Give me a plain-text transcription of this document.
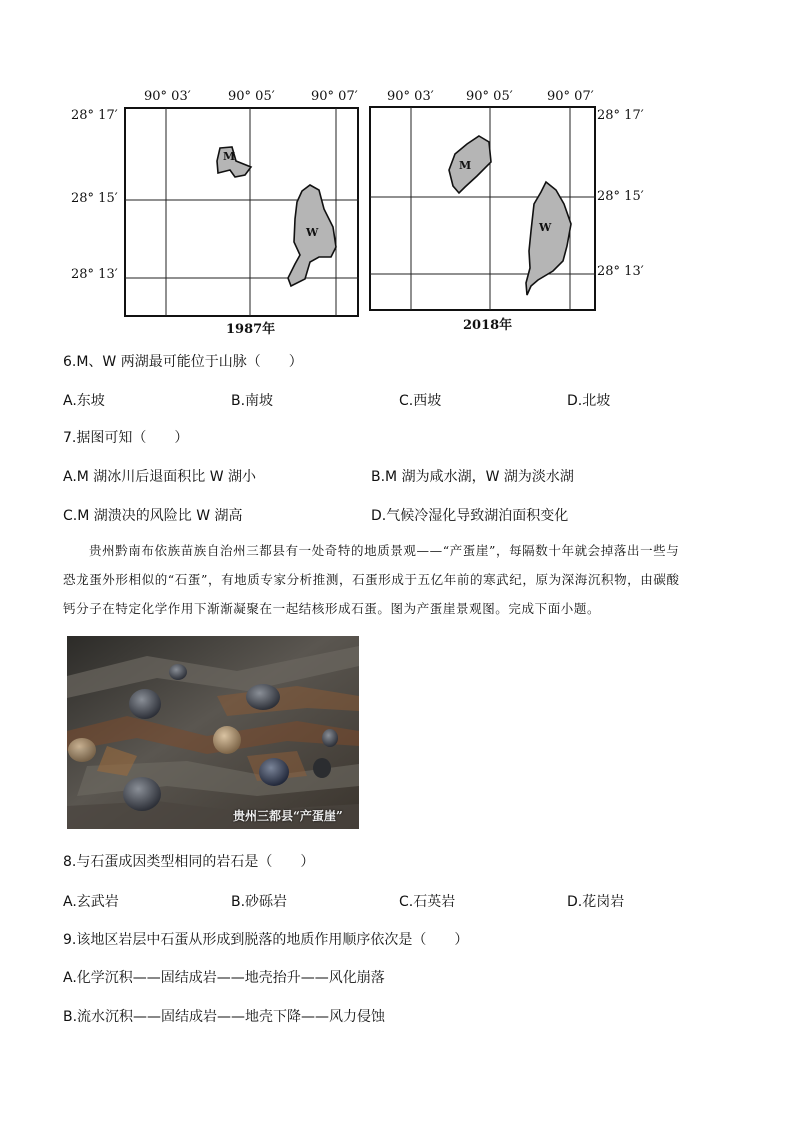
90° 03′	90° 05′	90° 07′
28° 17′
28° 15′
28° 13′
M
W
1987年
90° 03′ 90° 05′	90° 07′
28° 17′
28° 15′
28° 13′
M
W
2018年
6.M、W 两湖最可能位于山脉（　　）
A.东坡	B.南坡	C.西坡	D.北坡
7.据图可知（　　）
A.M 湖冰川后退面积比 W 湖小	B.M 湖为咸水湖，W 湖为淡水湖
C.M 湖溃决的风险比 W 湖高	D.气候冷湿化导致湖泊面积变化
贵州黔南布依族苗族自治州三都县有一处奇特的地质景观——“产蛋崖”，每隔数十年就会掉落出一些与
恐龙蛋外形相似的“石蛋”，有地质专家分析推测，石蛋形成于五亿年前的寒武纪，原为深海沉积物，由碳酸
钙分子在特定化学作用下渐渐凝聚在一起结核形成石蛋。图为产蛋崖景观图。完成下面小题。
贵州三都县“产蛋崖”
8.与石蛋成因类型相同的岩石是（　　）
A.玄武岩	B.砂砾岩	C.石英岩	D.花岗岩
9.该地区岩层中石蛋从形成到脱落的地质作用顺序依次是（　　）
A.化学沉积——固结成岩——地壳抬升——风化崩落
B.流水沉积——固结成岩——地壳下降——风力侵蚀
